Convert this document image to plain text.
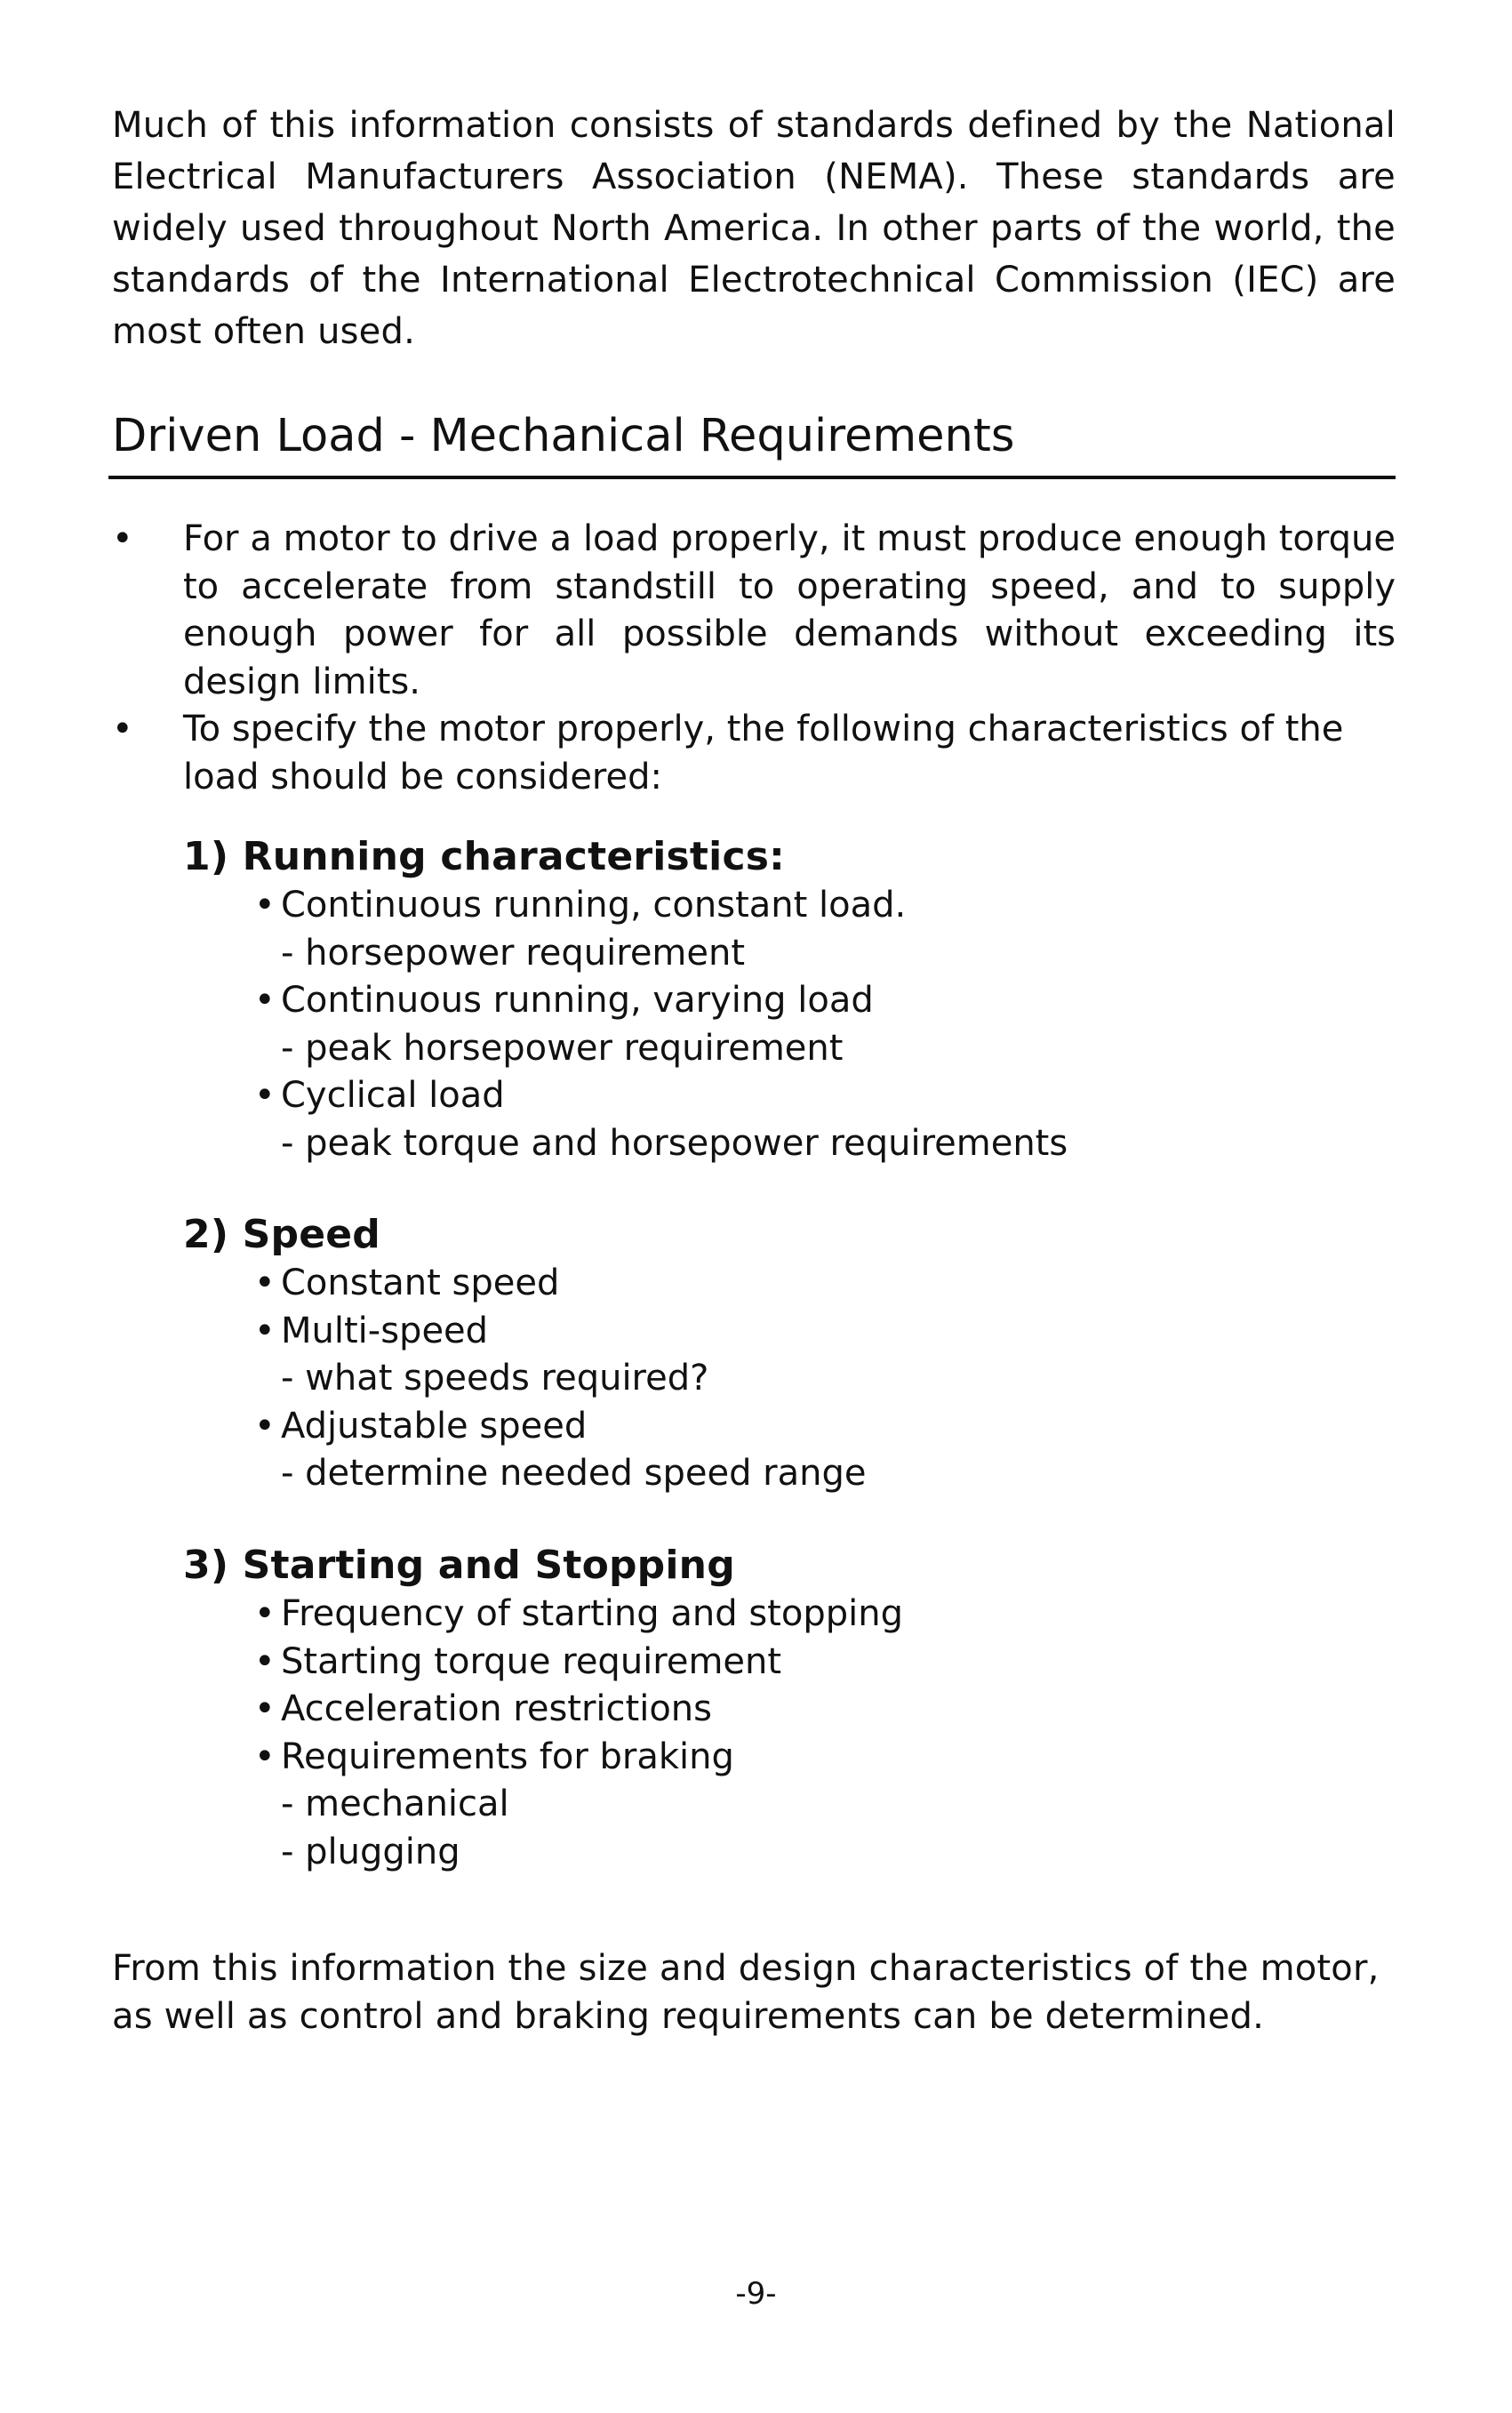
Much of this information consists of standards defined by the National Electrical Manufacturers Association (NEMA). These standards are widely used throughout North America. In other parts of the world, the standards of the International Electrotechnical Commission (IEC) are most often used.

Driven Load - Mechanical Requirements
•	For a motor to drive a load properly, it must produce enough torque to accelerate from standstill to operating speed, and to supply enough power for all possible demands without exceeding its design limits.
•	To specify the motor properly, the following characteristics of the load should be considered:

1) Running characteristics:

• Continuous running, constant load.
- horsepower requirement
• Continuous running, varying load
- peak horsepower requirement
• Cyclical load
- peak torque and horsepower requirements

2) Speed

• Constant speed
• Multi-speed
- what speeds required?
• Adjustable speed
- determine needed speed range

3) Starting and Stopping

• Frequency of starting and stopping
• Starting torque requirement
• Acceleration restrictions
• Requirements for braking
- mechanical
- plugging

From this information the size and design characteristics of the motor, as well as control and braking requirements can be determined.

-9-
